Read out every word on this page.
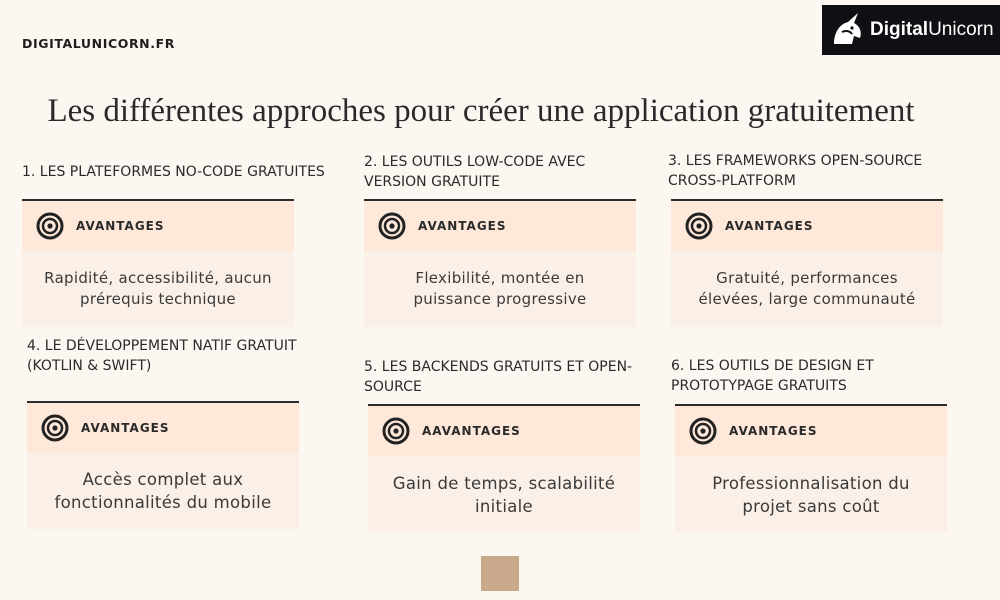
DIGITALUNICORN.FR
DigitalUnicorn
Les différentes approches pour créer une application gratuitement
1. LES PLATEFORMES NO-CODE GRATUITES
2. LES OUTILS LOW-CODE AVEC VERSION GRATUITE
3. LES FRAMEWORKS OPEN-SOURCE CROSS-PLATFORM
4. LE DÉVELOPPEMENT NATIF GRATUIT (KOTLIN & SWIFT)	5. LES BACKENDS GRATUITS ET OPEN-SOURCE
6. LES OUTILS DE DESIGN ET PROTOTYPAGE GRATUITS
AVANTAGES
Rapidité, accessibilité, aucun prérequis technique
AVANTAGES
Flexibilité, montée en puissance progressive
AVANTAGES
Gratuité, performances élevées, large communauté
AVANTAGES
Accès complet aux fonctionnalités du mobile
AAVANTAGES
Gain de temps, scalabilité initiale
AVANTAGES
Professionnalisation du projet sans coût
